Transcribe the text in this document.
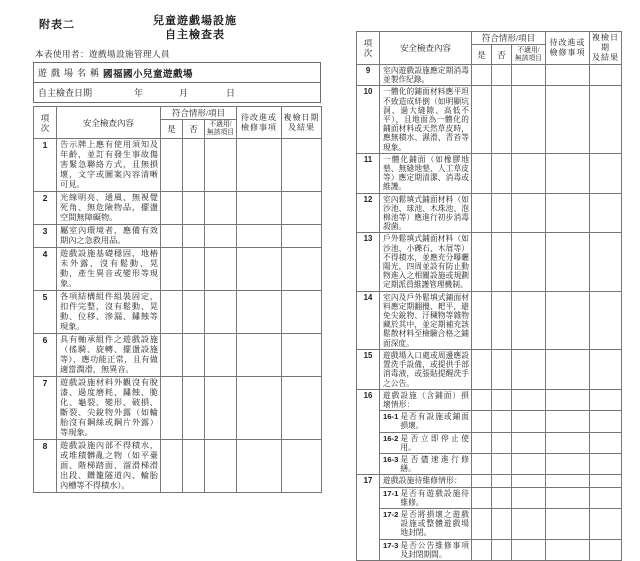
附表二	兒童遊戲場設施
自主檢查表
本表使用者：遊戲場設施管理人員
遊戲場名稱 國福國小兒童遊戲場

自主檢查日期	年	月	日
項
次	安全檢查內容	符合情形/項目			待改進或
檢修事項	複檢日期
及結果
		是	否	不適用/
無該項目		
1	告示牌上應有使用須知及年齡，並訂有發生事故傷害緊急聯絡方式，且無損壞，文字或圖案內容清晰可見。					
2	光線明亮、通風、無視覺死角、無危險物品，擺盪空間無障礙物。					
3	屬室內環境者，應備有效期內之急救用品。					
4	遊戲設施基礎穩固，地樁未外露，沒有鬆動、晃動，產生異音或變形等現象。					
5	各項結構組件組裝固定，扣件完整，沒有鬆動、晃動、位移、滲漏、鏽蝕等現象。					
6	具有軸承組件之遊戲設施（搖騎、旋轉、擺盪設施等），應功能正常，且有做適當潤滑，無異音。					
7	遊戲設施材料外觀沒有脫漆、過度磨耗、鏽蝕、脆化、龜裂、變形、破損、斷裂、尖銳物外露（如輪胎沒有鋼絲或鋼片外露）等現象。					
8	遊戲設施內部不得積水，或堆積髒亂之物（如平臺面、階梯踏面、溜滑梯滑出段、鑽籠隧道內、輪胎內槽等不得積水）。					
項
次	安全檢查內容	符合情形/項目			待改進或
檢修事項	複檢日期
及結果
		是	否	不適用/
無該項目		
9	室內遊戲設施應定期消毒並製作紀錄。					
10	一體化的鋪面材料應平坦不致造成絆倒（如明顯坑洞、過大縫隙、高低不平），且地面為一體化的鋪面材料或天然草皮時，應無積水、濕滑、青苔等現象。					
11	一體化鋪面（如橡膠地墊、無縫地墊、人工草皮等）應定期清潔、消毒或維護。					
12	室內鬆填式鋪面材料（如沙池、球池、木珠池、泡棉池等）應進行初步消毒殺菌。					
13	戶外鬆填式鋪面材料（如沙池、小礫石、木屑等）不得積水，並應充分曝曬陽光，四周並設有防止動物進入之相關設施或規劃定期派員維護管理機制。					
14	室內及戶外鬆填式鋪面材料應定期翻攪、耙平，避免尖銳物、汙穢物等雜物藏於其中，並定期補充該鬆散材料至檢驗合格之鋪面深度。					
15	遊戲場入口處或周邊應設置洗手設備，或提供手部消毒液，或張貼提醒洗手之公告。					
16	遊戲設施（含鋪面）損壞情形：					

	16-1 是否有設施或鋪面損壞。					

	16-2 是否立即停止使用。					

	16-3 是否儘速進行修繕。					

17	遊戲設施待維修情形：					

	17-1 是否有遊戲設施待維修。					

	17-2 是否將損壞之遊戲設施或整體遊戲場地封閉。					

	17-3 是否公告維修事項及封閉期間。					
